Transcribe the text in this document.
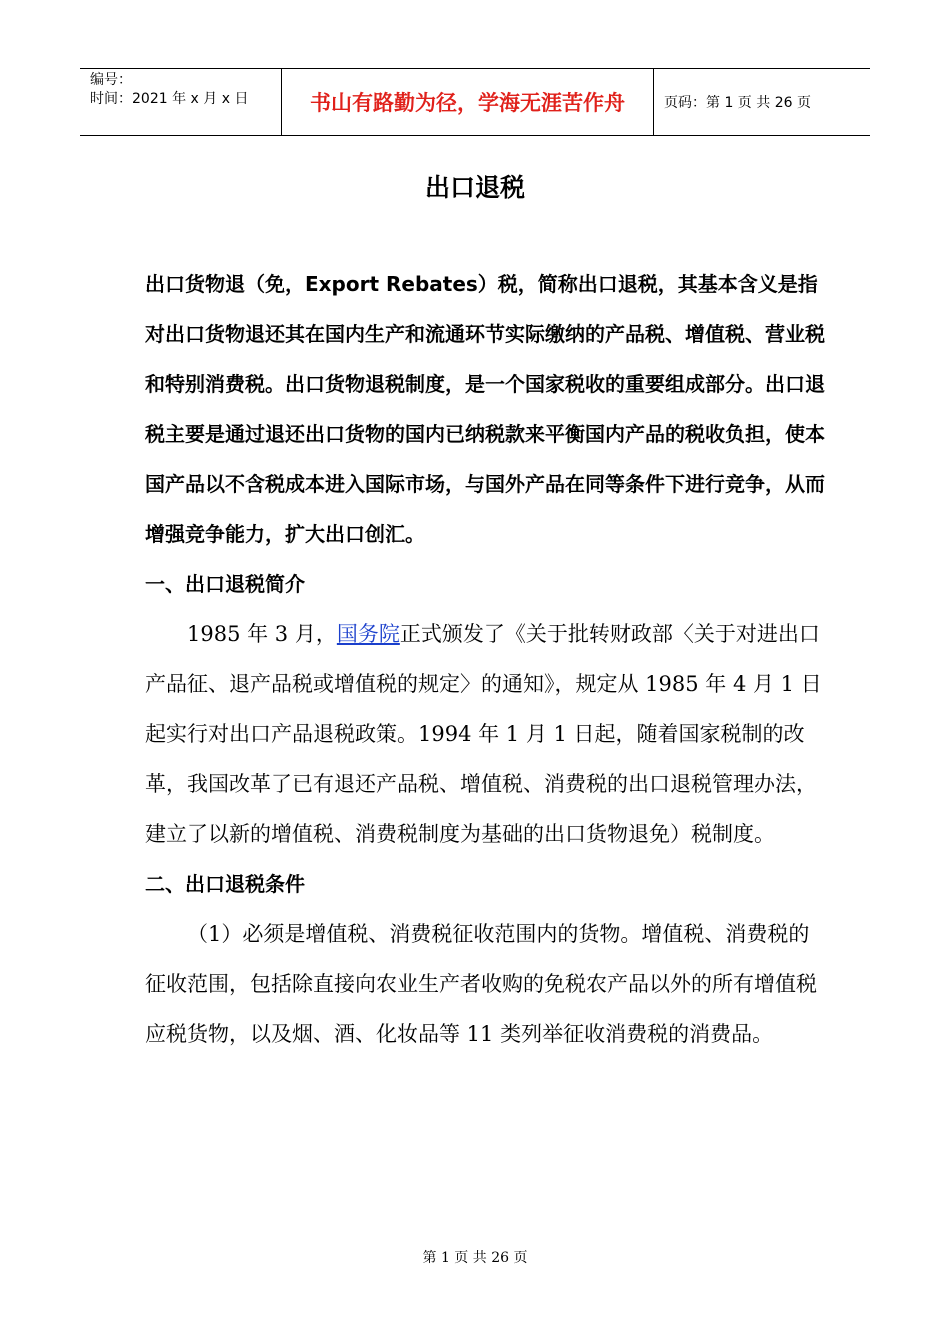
编号：
时间：2021 年 x 月 x 日	书山有路勤为径，学海无涯苦作舟	页码：第 1 页 共 26 页
出口退税

出口货物退（免，Export Rebates）税，简称出口退税，其基本含义是指对出口货物退还其在国内生产和流通环节实际缴纳的产品税、增值税、营业税和特别消费税。出口货物退税制度，是一个国家税收的重要组成部分。出口退税主要是通过退还出口货物的国内已纳税款来平衡国内产品的税收负担，使本国产品以不含税成本进入国际市场，与国外产品在同等条件下进行竞争，从而增强竞争能力，扩大出口创汇。

一、出口退税简介

1985 年 3 月，国务院正式颁发了《关于批转财政部〈关于对进出口产品征、退产品税或增值税的规定〉的通知》，规定从 1985 年 4 月 1 日起实行对出口产品退税政策。1994 年 1 月 1 日起，随着国家税制的改革，我国改革了已有退还产品税、增值税、消费税的出口退税管理办法，建立了以新的增值税、消费税制度为基础的出口货物退免）税制度。

二、出口退税条件

（1）必须是增值税、消费税征收范围内的货物。增值税、消费税的征收范围，包括除直接向农业生产者收购的免税农产品以外的所有增值税应税货物，以及烟、酒、化妆品等 11 类列举征收消费税的消费品。

第 1 页 共 26 页
